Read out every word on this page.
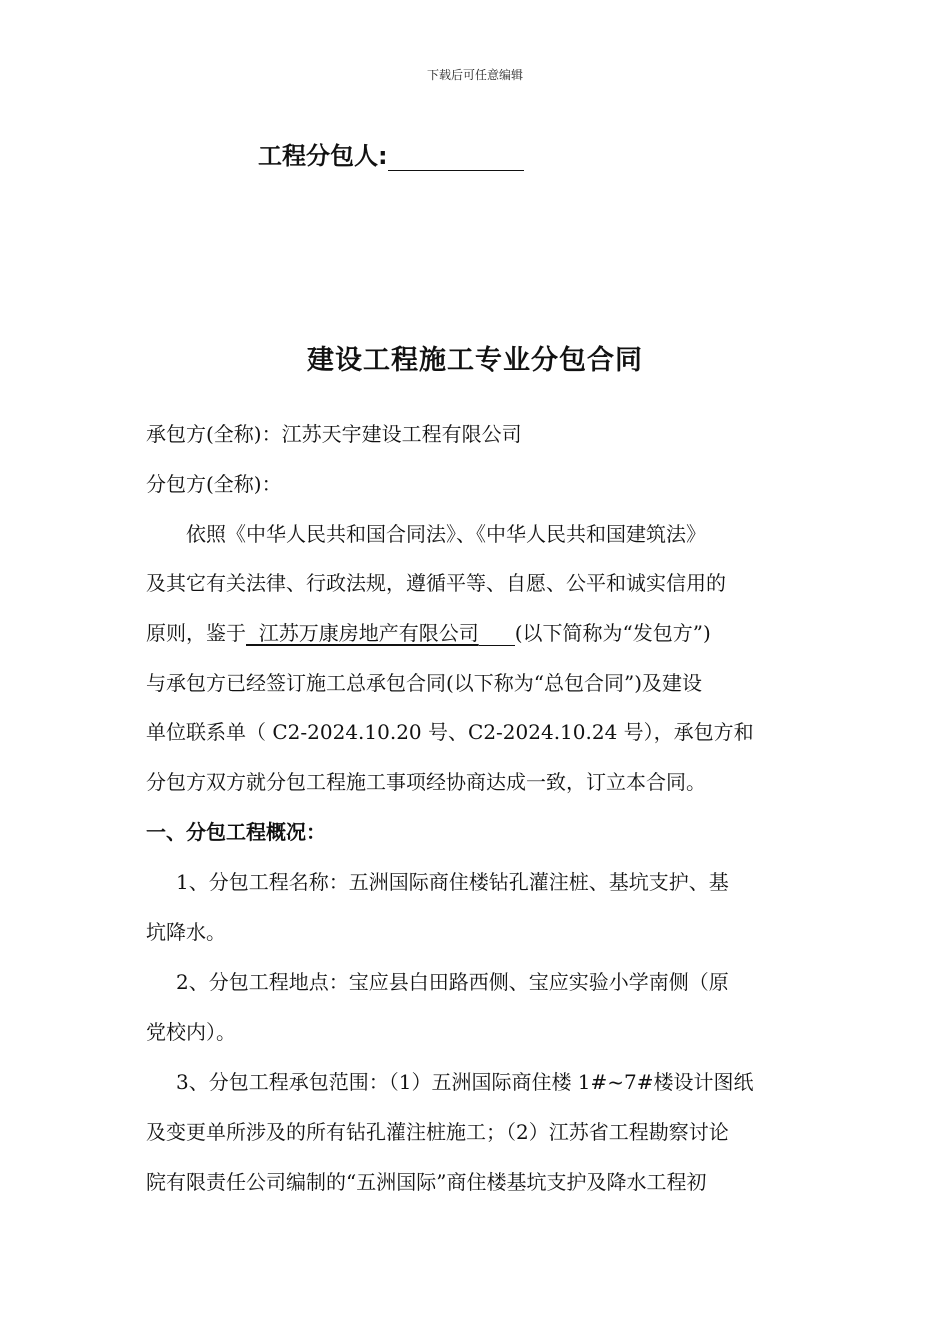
下载后可任意编辑
工程分包人:
建设工程施工专业分包合同
承包方(全称)：江苏天宇建设工程有限公司
分包方(全称)：
依照《中华人民共和国合同法》、《中华人民共和国建筑法》
及其它有关法律、行政法规，遵循平等、自愿、公平和诚实信用的
原则，鉴于  江苏万康房地产有限公司 (以下简称为“发包方”)
与承包方已经签订施工总承包合同(以下称为“总包合同”)及建设
单位联系单（ C2-2024.10.20 号、C2-2024.10.24 号），承包方和
分包方双方就分包工程施工事项经协商达成一致，订立本合同。
一、分包工程概况：
1、分包工程名称：五洲国际商住楼钻孔灌注桩、基坑支护、基
坑降水。
2、分包工程地点：宝应县白田路西侧、宝应实验小学南侧（原
党校内）。
3、分包工程承包范围：（1）五洲国际商住楼 1#~7#楼设计图纸
及变更单所涉及的所有钻孔灌注桩施工；（2）江苏省工程勘察讨论
院有限责任公司编制的“五洲国际”商住楼基坑支护及降水工程初
